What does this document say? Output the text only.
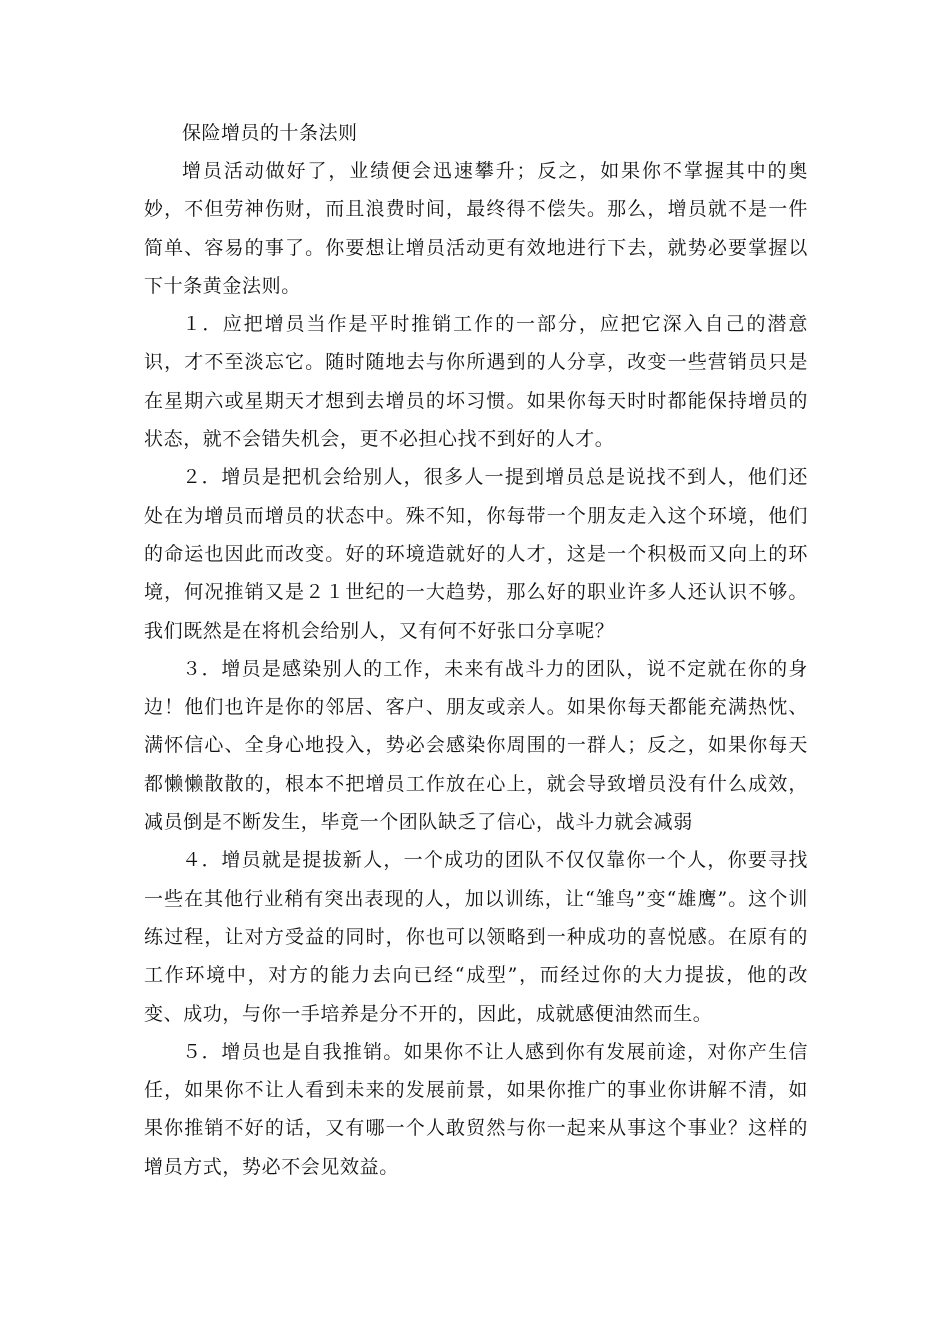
保险增员的十条法则

增员活动做好了，业绩便会迅速攀升；反之，如果你不掌握其中的奥妙，不但劳神伤财，而且浪费时间，最终得不偿失。那么，增员就不是一件简单、容易的事了。你要想让增员活动更有效地进行下去，就势必要掌握以下十条黄金法则。

１．应把增员当作是平时推销工作的一部分，应把它深入自己的潜意识，才不至淡忘它。随时随地去与你所遇到的人分享，改变一些营销员只是在星期六或星期天才想到去增员的坏习惯。如果你每天时时都能保持增员的状态，就不会错失机会，更不必担心找不到好的人才。

２．增员是把机会给别人，很多人一提到增员总是说找不到人，他们还处在为增员而增员的状态中。殊不知，你每带一个朋友走入这个环境，他们的命运也因此而改变。好的环境造就好的人才，这是一个积极而又向上的环境，何况推销又是２１世纪的一大趋势，那么好的职业许多人还认识不够。我们既然是在将机会给别人，又有何不好张口分享呢？

３．增员是感染别人的工作，未来有战斗力的团队，说不定就在你的身边！他们也许是你的邻居、客户、朋友或亲人。如果你每天都能充满热忱、满怀信心、全身心地投入，势必会感染你周围的一群人；反之，如果你每天都懒懒散散的，根本不把增员工作放在心上，就会导致增员没有什么成效，减员倒是不断发生，毕竟一个团队缺乏了信心，战斗力就会减弱

４．增员就是提拔新人，一个成功的团队不仅仅靠你一个人，你要寻找一些在其他行业稍有突出表现的人，加以训练，让“雏鸟”变“雄鹰”。这个训练过程，让对方受益的同时，你也可以领略到一种成功的喜悦感。在原有的工作环境中，对方的能力去向已经“成型”，而经过你的大力提拔，他的改变、成功，与你一手培养是分不开的，因此，成就感便油然而生。

５．增员也是自我推销。如果你不让人感到你有发展前途，对你产生信任，如果你不让人看到未来的发展前景，如果你推广的事业你讲解不清，如果你推销不好的话，又有哪一个人敢贸然与你一起来从事这个事业？这样的增员方式，势必不会见效益。
